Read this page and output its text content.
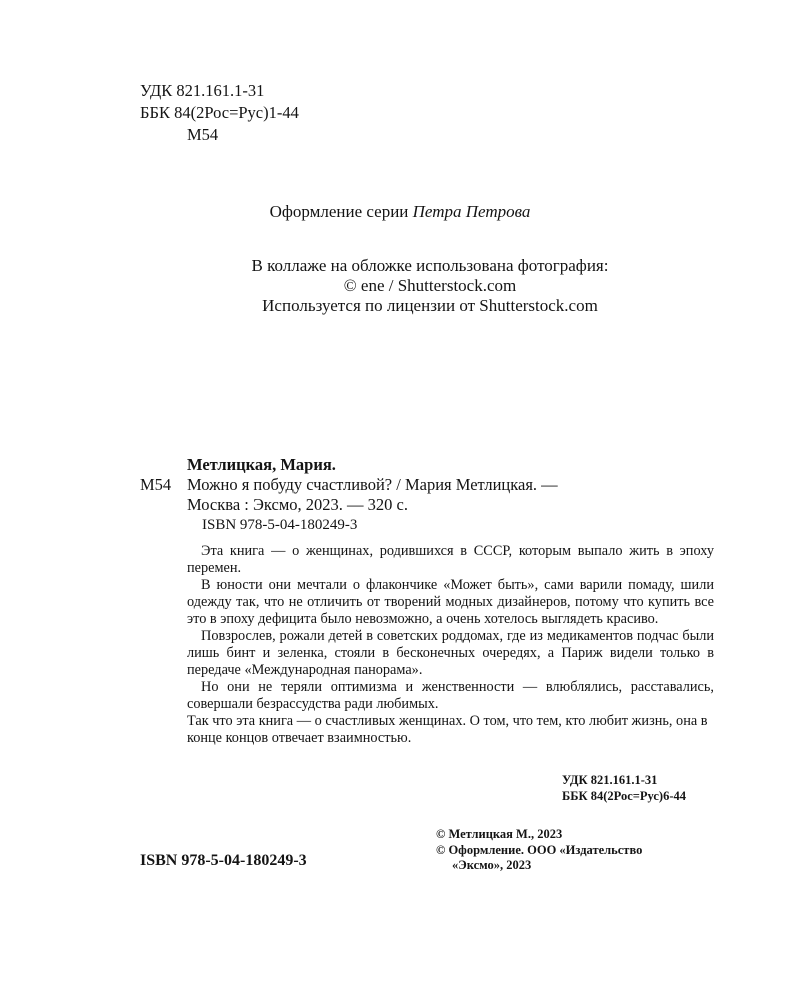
УДК 821.161.1-31
ББК 84(2Рос=Рус)1-44
М54
Оформление серии Петра Петрова
В коллаже на обложке использована фотография:
© ene / Shutterstock.com
Используется по лицензии от Shutterstock.com
Метлицкая, Мария.
М54 Можно я побуду счастливой? / Мария Метлицкая. —
Москва : Эксмо, 2023. — 320 с.
ISBN 978-5-04-180249-3

Эта книга — о женщинах, родившихся в СССР, которым выпало жить в эпоху перемен.

В юности они мечтали о флакончике «Может быть», сами варили помаду, шили одежду так, что не отличить от творений модных дизайнеров, потому что купить все это в эпоху дефицита было невозможно, а очень хотелось выглядеть красиво.

Повзрослев, рожали детей в советских роддомах, где из медикаментов подчас были лишь бинт и зеленка, стояли в бесконечных очередях, а Париж видели только в передаче «Международная панорама».

Но они не теряли оптимизма и женственности — влюблялись, расставались, совершали безрассудства ради любимых.

Так что эта книга — о счастливых женщинах. О том, что тем, кто любит жизнь, она в конце концов отвечает взаимностью.

УДК 821.161.1-31
ББК 84(2Рос=Рус)6-44
ISBN 978-5-04-180249-3
© Метлицкая М., 2023
© Оформление. ООО «Издательство
«Эксмо», 2023
